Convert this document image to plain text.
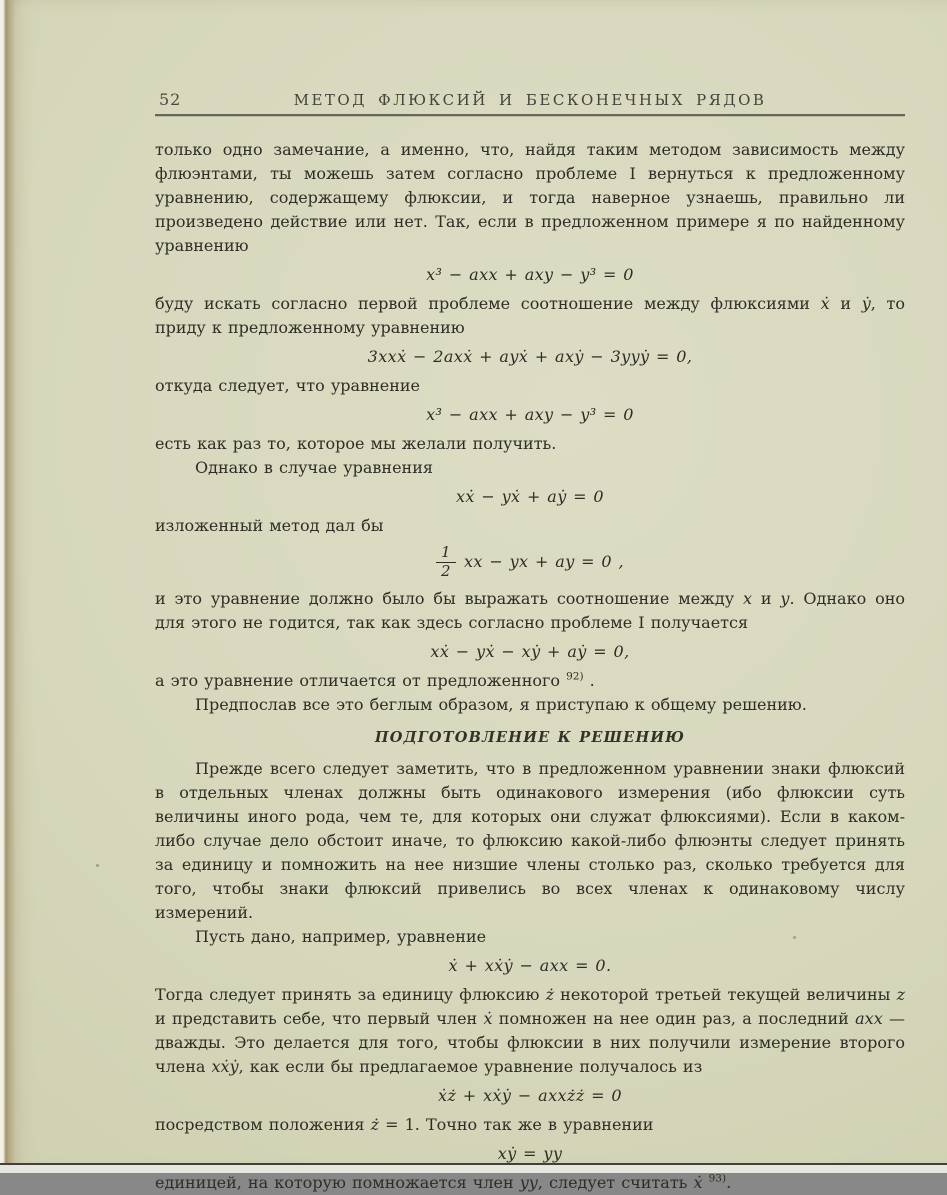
52	МЕТОД ФЛЮКСИЙ И БЕСКОНЕЧНЫХ РЯДОВ

только одно замечание, а именно, что, найдя таким методом зависимость между флюэнтами, ты можешь затем согласно проблеме I вернуться к предложенному уравнению, содержащему флюксии, и тогда наверное узнаешь, правильно ли произведено действие или нет. Так, если в предложенном примере я по найденному уравнению

x³ − axx + axy − y³ = 0

буду искать согласно первой проблеме соотношение между флюксиями ẋ и ẏ, то приду к предложенному уравнению

3xxẋ − 2axẋ + ayẋ + axẏ − 3yyẏ = 0,

откуда следует, что уравнение

x³ − axx + axy − y³ = 0

есть как раз то, которое мы желали получить.

Однако в случае уравнения

xẋ − yẋ + aẏ = 0

изложенный метод дал бы

$\frac{1}{2}$ xx − yx + ay = 0 ,

и это уравнение должно было бы выражать соотношение между x и y. Однако оно для этого не годится, так как здесь согласно проблеме I получается

xẋ − yẋ − xẏ + aẏ = 0,

а это уравнение отличается от предложенного $^{92)}$ .

Предпослав все это беглым образом, я приступаю к общему решению.

ПОДГОТОВЛЕНИЕ К РЕШЕНИЮ

Прежде всего следует заметить, что в предложенном уравнении знаки флюксий в отдельных членах должны быть одинакового измерения (ибо флюксии суть величины иного рода, чем те, для которых они служат флюксиями). Если в каком-либо случае дело обстоит иначе, то флюксию какой-либо флюэнты следует принять за единицу и помножить на нее низшие члены столько раз, сколько требуется для того, чтобы знаки флюксий привелись во всех членах к одинаковому числу измерений.

Пусть дано, например, уравнение

ẋ + xẋẏ − axx = 0.

Тогда следует принять за единицу флюксию ż некоторой третьей текущей величины z и представить себе, что первый член ẋ помножен на нее один раз, а последний axx — дважды. Это делается для того, чтобы флюксии в них получили измерение второго члена xẋẏ, как если бы предлагаемое уравнение получалось из

ẋż + xẋẏ − axxżż = 0

посредством положения ż = 1. Точно так же в уравнении

xẏ = yy

единицей, на которую помножается член yy, следует считать ẋ $^{93)}$.
